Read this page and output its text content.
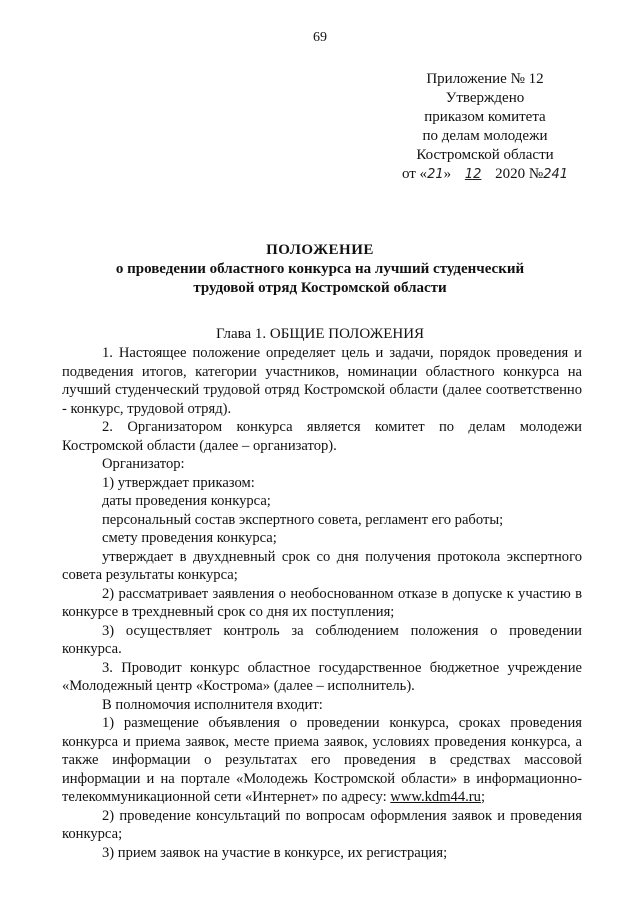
69
Приложение № 12
Утверждено
приказом комитета
по делам молодежи
Костромской области
от «21» 12 2020 №241
ПОЛОЖЕНИЕ
о проведении областного конкурса на лучший студенческий
трудовой отряд Костромской области
Глава 1. ОБЩИЕ ПОЛОЖЕНИЯ

1. Настоящее положение определяет цель и задачи, порядок проведения и подведения итогов, категории участников, номинации областного конкурса на лучший студенческий трудовой отряд Костромской области (далее соответственно - конкурс, трудовой отряд).

2. Организатором конкурса является комитет по делам молодежи Костромской области (далее – организатор).

Организатор:

1) утверждает приказом:

даты проведения конкурса;

персональный состав экспертного совета, регламент его работы;

смету проведения конкурса;

утверждает в двухдневный срок со дня получения протокола экспертного совета результаты конкурса;

2) рассматривает заявления о необоснованном отказе в допуске к участию в конкурсе в трехдневный срок со дня их поступления;

3) осуществляет контроль за соблюдением положения о проведении конкурса.

3. Проводит конкурс областное государственное бюджетное учреждение «Молодежный центр «Кострома» (далее – исполнитель).

В полномочия исполнителя входит:

1) размещение объявления о проведении конкурса, сроках проведения конкурса и приема заявок, месте приема заявок, условиях проведения конкурса, а также информации о результатах его проведения в средствах массовой информации и на портале «Молодежь Костромской области» в информационно-телекоммуникационной сети «Интернет» по адресу: www.kdm44.ru;

2) проведение консультаций по вопросам оформления заявок и проведения конкурса;

3) прием заявок на участие в конкурсе, их регистрация;
